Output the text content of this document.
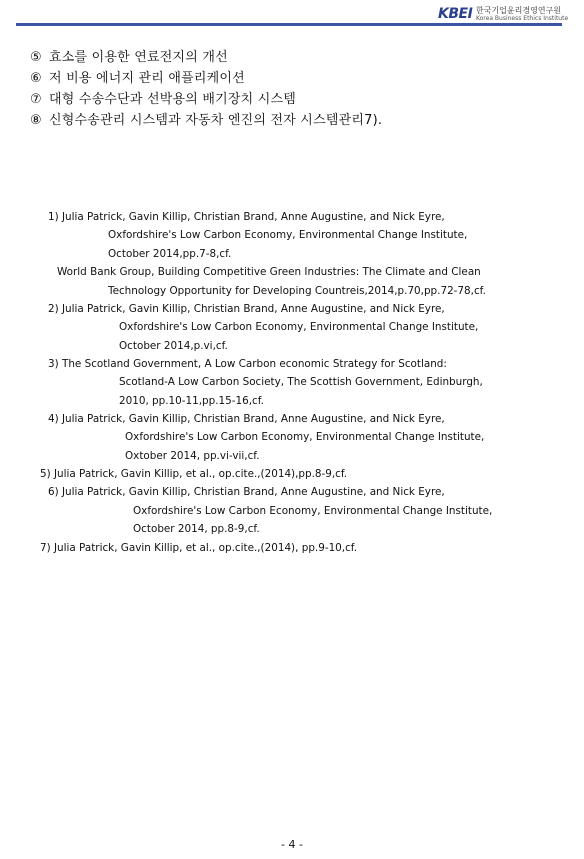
KBEI 한국기업윤리경영연구원
Korea Business Ethics Institute
⑤ 효소를 이용한 연료전지의 개선
⑥ 저 비용 에너지 관리 애플리케이션
⑦ 대형 수송수단과 선박용의 배기장치 시스템
⑧ 신형수송관리 시스템과 자동차 엔진의 전자 시스템관리7).
1) Julia Patrick, Gavin Killip, Christian Brand, Anne Augustine, and Nick Eyre,
Oxfordshire's Low Carbon Economy, Environmental Change Institute,
October 2014,pp.7-8,cf.
World Bank Group, Building Competitive Green Industries: The Climate and Clean
Technology Opportunity for Developing Countreis,2014,p.70,pp.72-78,cf.
2) Julia Patrick, Gavin Killip, Christian Brand, Anne Augustine, and Nick Eyre,
Oxfordshire's Low Carbon Economy, Environmental Change Institute,
October 2014,p.vi,cf.
3) The Scotland Government, A Low Carbon economic Strategy for Scotland:
Scotland-A Low Carbon Society, The Scottish Government, Edinburgh,
2010, pp.10-11,pp.15-16,cf.
4) Julia Patrick, Gavin Killip, Christian Brand, Anne Augustine, and Nick Eyre,
Oxfordshire's Low Carbon Economy, Environmental Change Institute,
Oxtober 2014, pp.vi-vii,cf.
5) Julia Patrick, Gavin Killip, et al., op.cite.,(2014),pp.8-9,cf.
6) Julia Patrick, Gavin Killip, Christian Brand, Anne Augustine, and Nick Eyre,
Oxfordshire's Low Carbon Economy, Environmental Change Institute,
October 2014, pp.8-9,cf.
7) Julia Patrick, Gavin Killip, et al., op.cite.,(2014), pp.9-10,cf.
- 4 -
